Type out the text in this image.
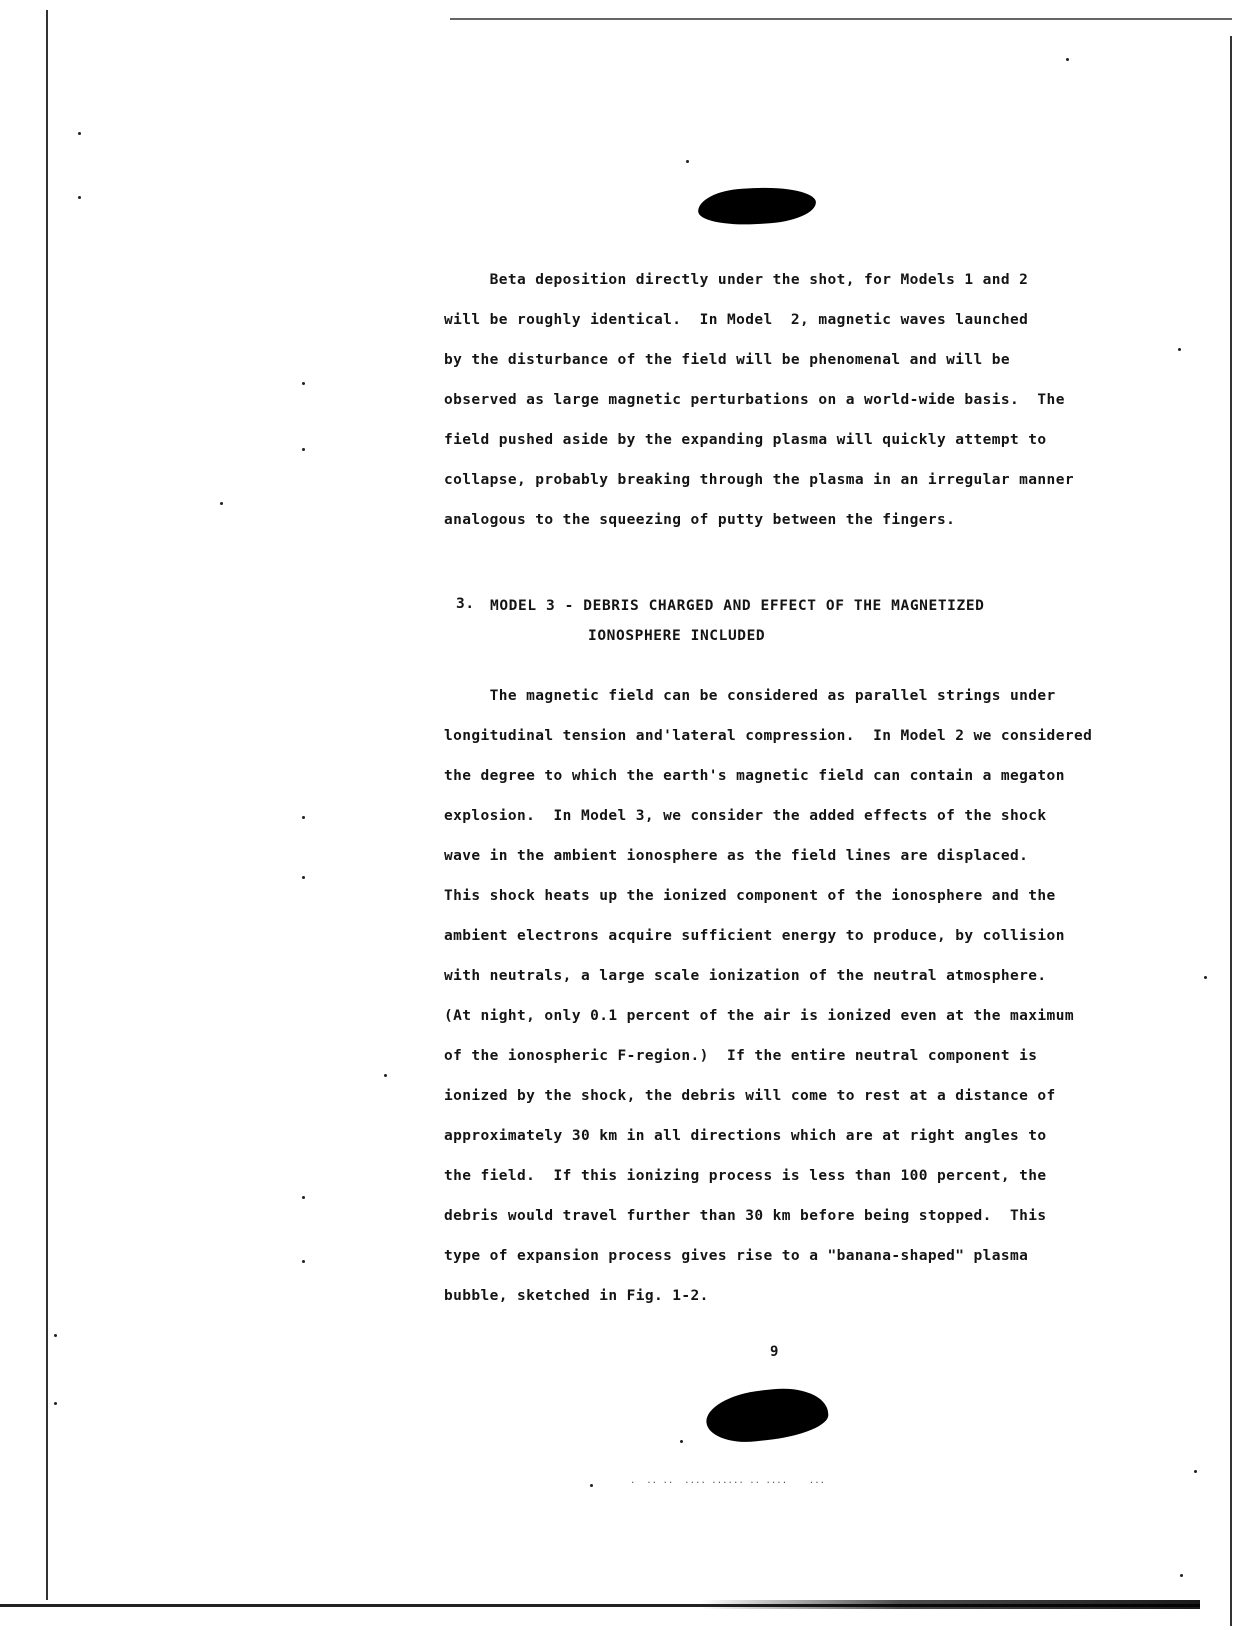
.  .. ..  .... ...... .. ....    ...

Beta deposition directly under the shot, for Models 1 and 2

will be roughly identical.  In Model  2, magnetic waves launched

by the disturbance of the field will be phenomenal and will be

observed as large magnetic perturbations on a world-wide basis.  The

field pushed aside by the expanding plasma will quickly attempt to

collapse, probably breaking through the plasma in an irregular manner

analogous to the squeezing of putty between the fingers.

3. MODEL 3 - DEBRIS CHARGED AND EFFECT OF THE MAGNETIZED
IONOSPHERE INCLUDED

The magnetic field can be considered as parallel strings under

longitudinal tension and'lateral compression.  In Model 2 we considered

the degree to which the earth's magnetic field can contain a megaton

explosion.  In Model 3, we consider the added effects of the shock

wave in the ambient ionosphere as the field lines are displaced.

This shock heats up the ionized component of the ionosphere and the

ambient electrons acquire sufficient energy to produce, by collision

with neutrals, a large scale ionization of the neutral atmosphere.

(At night, only 0.1 percent of the air is ionized even at the maximum

of the ionospheric F-region.)  If the entire neutral component is

ionized by the shock, the debris will come to rest at a distance of

approximately 30 km in all directions which are at right angles to

the field.  If this ionizing process is less than 100 percent, the

debris would travel further than 30 km before being stopped.  This

type of expansion process gives rise to a "banana-shaped" plasma

bubble, sketched in Fig. 1-2.

9
